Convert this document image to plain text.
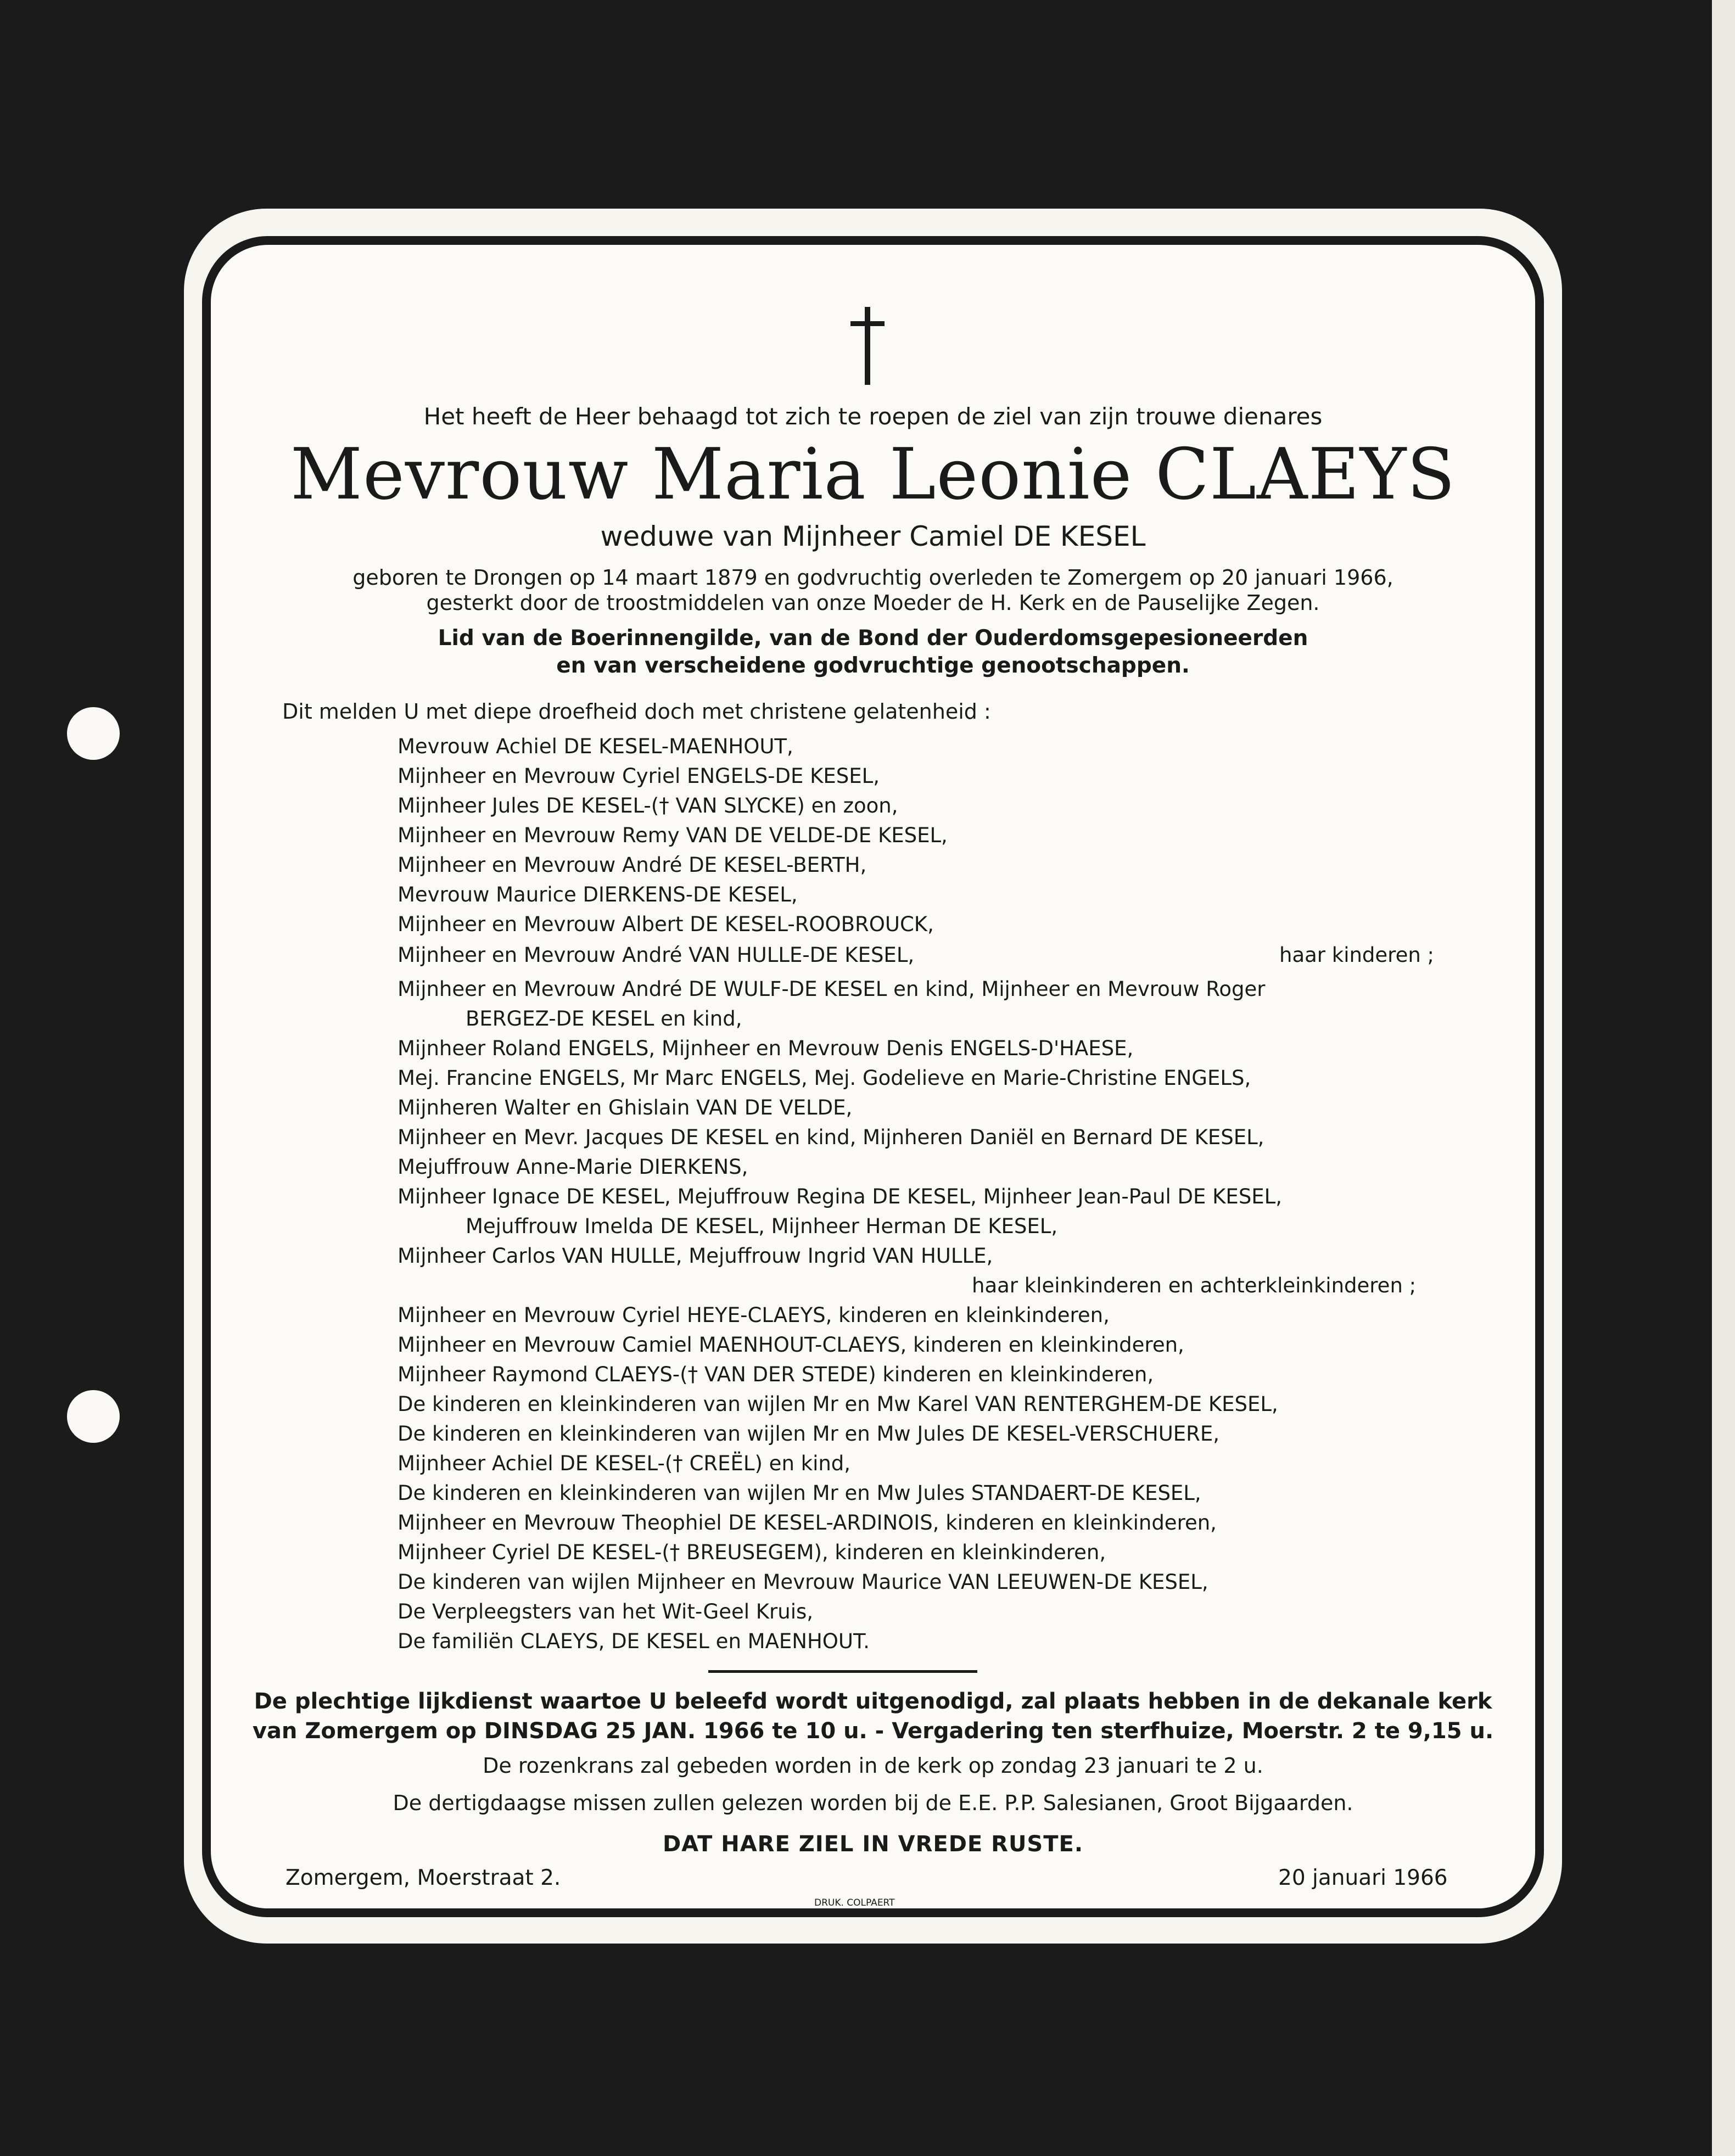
Het heeft de Heer behaagd tot zich te roepen de ziel van zijn trouwe dienares
Mevrouw Maria Leonie CLAEYS
weduwe van Mijnheer Camiel DE KESEL
geboren te Drongen op 14 maart 1879 en godvruchtig overleden te Zomergem op 20 januari 1966,
gesterkt door de troostmiddelen van onze Moeder de H. Kerk en de Pauselijke Zegen.
Lid van de Boerinnengilde, van de Bond der Ouderdomsgepesioneerden
en van verscheidene godvruchtige genootschappen.
Dit melden U met diepe droefheid doch met christene gelatenheid :
Mevrouw Achiel DE KESEL-MAENHOUT,
Mijnheer en Mevrouw Cyriel ENGELS-DE KESEL,
Mijnheer Jules DE KESEL-(† VAN SLYCKE) en zoon,
Mijnheer en Mevrouw Remy VAN DE VELDE-DE KESEL,
Mijnheer en Mevrouw André DE KESEL-BERTH,
Mevrouw Maurice DIERKENS-DE KESEL,
Mijnheer en Mevrouw Albert DE KESEL-ROOBROUCK,
Mijnheer en Mevrouw André VAN HULLE-DE KESEL,
Mijnheer en Mevrouw André DE WULF-DE KESEL en kind, Mijnheer en Mevrouw Roger
BERGEZ-DE KESEL en kind,
Mijnheer Roland ENGELS, Mijnheer en Mevrouw Denis ENGELS-D'HAESE,
Mej. Francine ENGELS, Mr Marc ENGELS, Mej. Godelieve en Marie-Christine ENGELS,
Mijnheren Walter en Ghislain VAN DE VELDE,
Mijnheer en Mevr. Jacques DE KESEL en kind, Mijnheren Daniël en Bernard DE KESEL,
Mejuffrouw Anne-Marie DIERKENS,
Mijnheer Ignace DE KESEL, Mejuffrouw Regina DE KESEL, Mijnheer Jean-Paul DE KESEL,
Mejuffrouw Imelda DE KESEL, Mijnheer Herman DE KESEL,
Mijnheer Carlos VAN HULLE, Mejuffrouw Ingrid VAN HULLE,
Mijnheer en Mevrouw Cyriel HEYE-CLAEYS, kinderen en kleinkinderen,
Mijnheer en Mevrouw Camiel MAENHOUT-CLAEYS, kinderen en kleinkinderen,
Mijnheer Raymond CLAEYS-(† VAN DER STEDE) kinderen en kleinkinderen,
De kinderen en kleinkinderen van wijlen Mr en Mw Karel VAN RENTERGHEM-DE KESEL,
De kinderen en kleinkinderen van wijlen Mr en Mw Jules DE KESEL-VERSCHUERE,
Mijnheer Achiel DE KESEL-(† CREËL) en kind,
De kinderen en kleinkinderen van wijlen Mr en Mw Jules STANDAERT-DE KESEL,
Mijnheer en Mevrouw Theophiel DE KESEL-ARDINOIS, kinderen en kleinkinderen,
Mijnheer Cyriel DE KESEL-(† BREUSEGEM), kinderen en kleinkinderen,
De kinderen van wijlen Mijnheer en Mevrouw Maurice VAN LEEUWEN-DE KESEL,
De Verpleegsters van het Wit-Geel Kruis,
De familiën CLAEYS, DE KESEL en MAENHOUT.
haar kinderen ;
haar kleinkinderen en achterkleinkinderen ;
De plechtige lijkdienst waartoe U beleefd wordt uitgenodigd, zal plaats hebben in de dekanale kerk
van Zomergem op DINSDAG 25 JAN. 1966 te 10 u. - Vergadering ten sterfhuize, Moerstr. 2 te 9,15 u.
De rozenkrans zal gebeden worden in de kerk op zondag 23 januari te 2 u.
De dertigdaagse missen zullen gelezen worden bij de E.E. P.P. Salesianen, Groot Bijgaarden.
DAT HARE ZIEL IN VREDE RUSTE.
Zomergem, Moerstraat 2.	20 januari 1966
DRUK. COLPAERT
